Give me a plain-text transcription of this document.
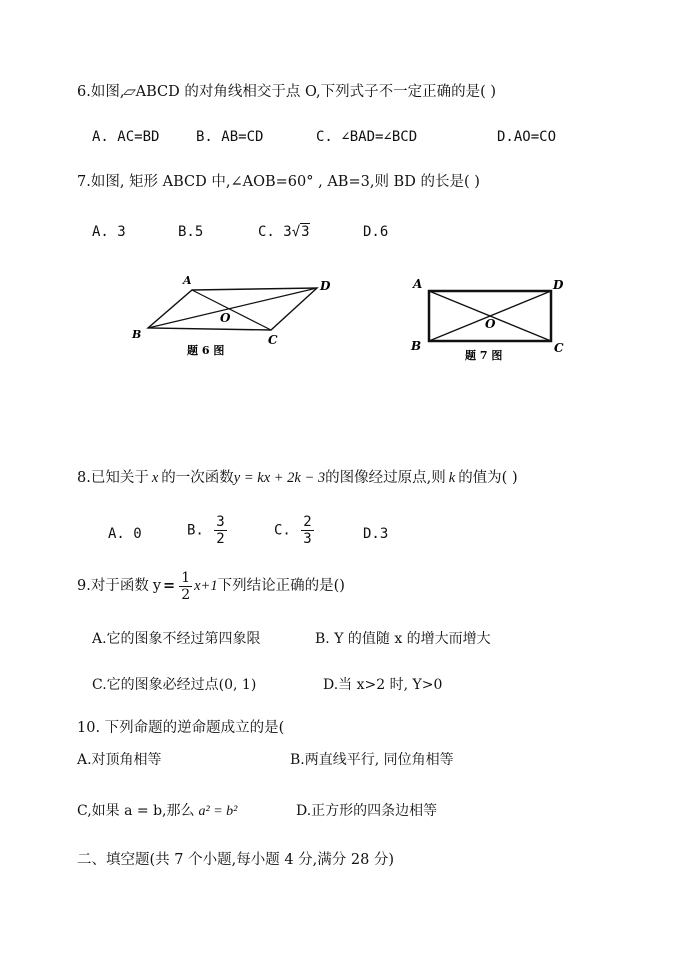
6.如图,▱ABCD 的对角线相交于点 O,下列式子不一定正确的是( )
A. AC=BD	B. AB=CD	C. ∠BAD=∠BCD	D.AO=CO
7.如图, 矩形 ABCD 中,∠AOB=60° , AB=3,则 BD 的长是( )
A. 3	B.5	C. 3√3	D.6
A	D
B	C
O
题 6 图
A	D
B	C
O
题 7 图
8.已知关于 x 的一次函数y = kx + 2k − 3的图像经过原点,则 k 的值为( )
A. 0	B. $\frac{3}{2}$	C. $\frac{2}{3}$	D.3
9.对于函数 $y = \frac{1}{2} x+1$下列结论正确的是()
A.它的图象不经过第四象限	B. Y 的值随 x 的增大而增大
C.它的图象必经过点(0, 1)	D.当 x>2 时, Y>0
10. 下列命题的逆命题成立的是(
A.对顶角相等	B.两直线平行, 同位角相等
C,如果 a = b,那么 a² = b²	D.正方形的四条边相等
二、填空题(共 7 个小题,每小题 4 分,满分 28 分)
